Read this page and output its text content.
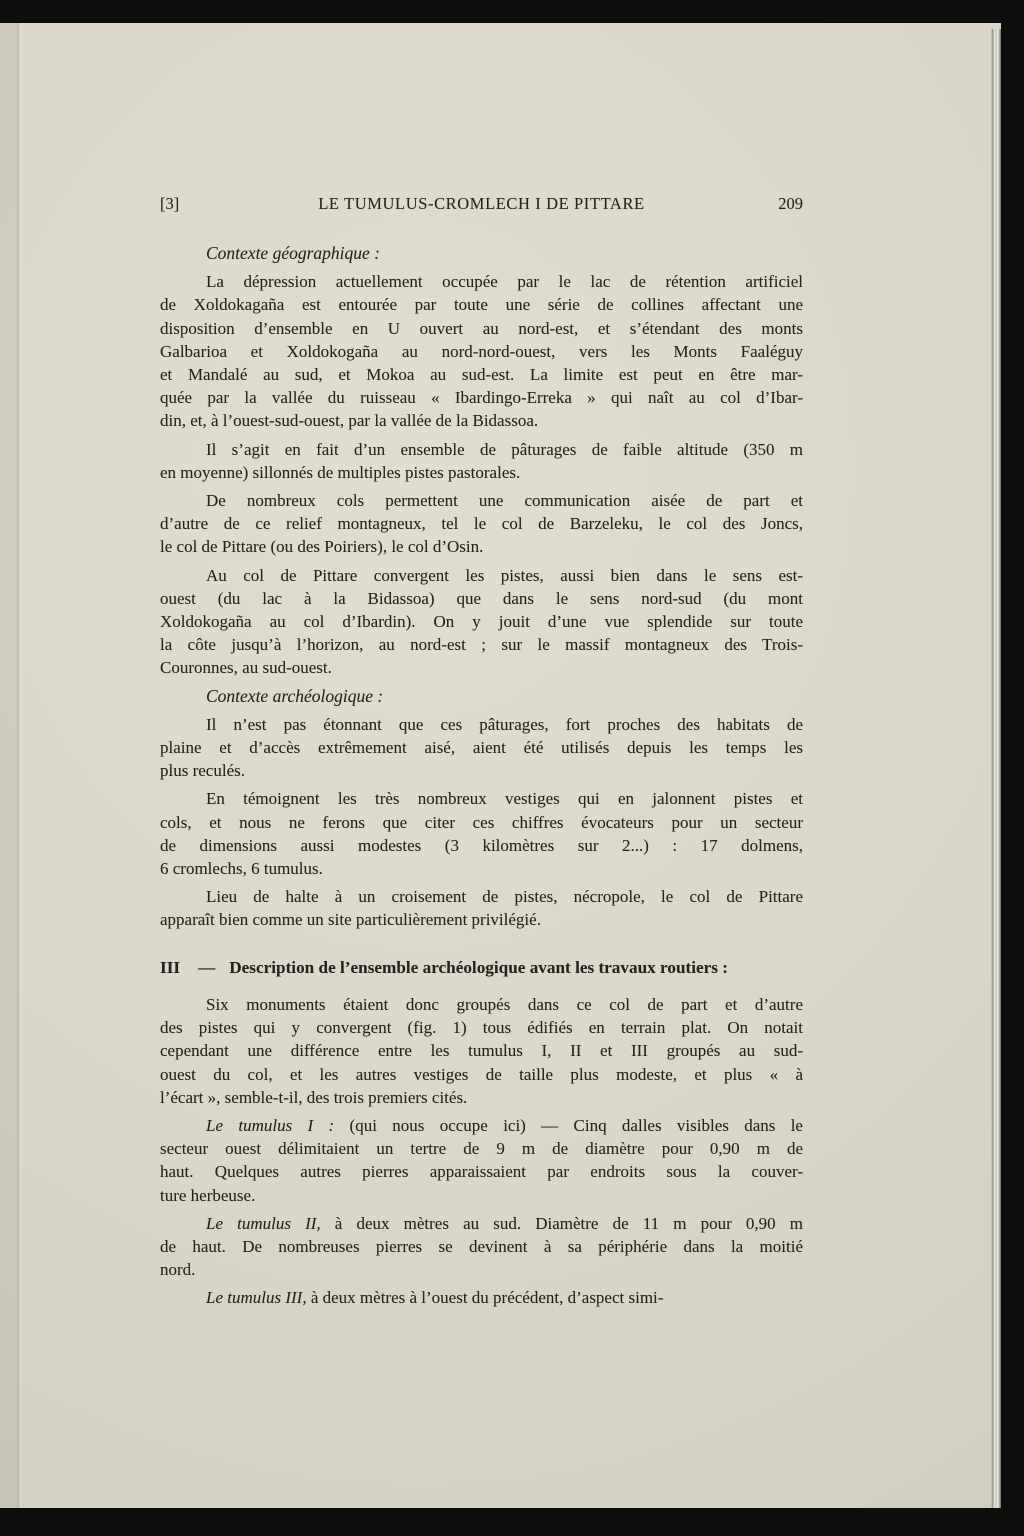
[3]	LE TUMULUS-CROMLECH I DE PITTARE	209
Contexte géographique :
La dépression actuellement occupée par le lac de rétention artificiel
de Xoldokagaña est entourée par toute une série de collines affectant une
disposition d’ensemble en U ouvert au nord-est, et s’étendant des monts
Galbarioa et Xoldokogaña au nord-nord-ouest, vers les Monts Faaléguy
et Mandalé au sud, et Mokoa au sud-est. La limite est peut en être mar-
quée par la vallée du ruisseau « Ibardingo-Erreka » qui naît au col d’Ibar-
din, et, à l’ouest-sud-ouest, par la vallée de la Bidassoa.
Il s’agit en fait d’un ensemble de pâturages de faible altitude (350 m
en moyenne) sillonnés de multiples pistes pastorales.
De nombreux cols permettent une communication aisée de part et
d’autre de ce relief montagneux, tel le col de Barzeleku, le col des Joncs,
le col de Pittare (ou des Poiriers), le col d’Osin.
Au col de Pittare convergent les pistes, aussi bien dans le sens est-
ouest (du lac à la Bidassoa) que dans le sens nord-sud (du mont
Xoldokogaña au col d’Ibardin). On y jouit d’une vue splendide sur toute
la côte jusqu’à l’horizon, au nord-est ; sur le massif montagneux des Trois-
Couronnes, au sud-ouest.
Contexte archéologique :
Il n’est pas étonnant que ces pâturages, fort proches des habitats de
plaine et d’accès extrêmement aisé, aient été utilisés depuis les temps les
plus reculés.
En témoignent les très nombreux vestiges qui en jalonnent pistes et
cols, et nous ne ferons que citer ces chiffres évocateurs pour un secteur
de dimensions aussi modestes (3 kilomètres sur 2...) : 17 dolmens,
6 cromlechs, 6 tumulus.
Lieu de halte à un croisement de pistes, nécropole, le col de Pittare
apparaît bien comme un site particulièrement privilégié.
III — Description de l’ensemble archéologique avant les travaux routiers :
Six monuments étaient donc groupés dans ce col de part et d’autre
des pistes qui y convergent (fig. 1) tous édifiés en terrain plat. On notait
cependant une différence entre les tumulus I, II et III groupés au sud-
ouest du col, et les autres vestiges de taille plus modeste, et plus « à
l’écart », semble-t-il, des trois premiers cités.
Le tumulus I : (qui nous occupe ici) — Cinq dalles visibles dans le
secteur ouest délimitaient un tertre de 9 m de diamètre pour 0,90 m de
haut. Quelques autres pierres apparaissaient par endroits sous la couver-
ture herbeuse.
Le tumulus II, à deux mètres au sud. Diamètre de 11 m pour 0,90 m
de haut. De nombreuses pierres se devinent à sa périphérie dans la moitié
nord.
Le tumulus III, à deux mètres à l’ouest du précédent, d’aspect simi-
